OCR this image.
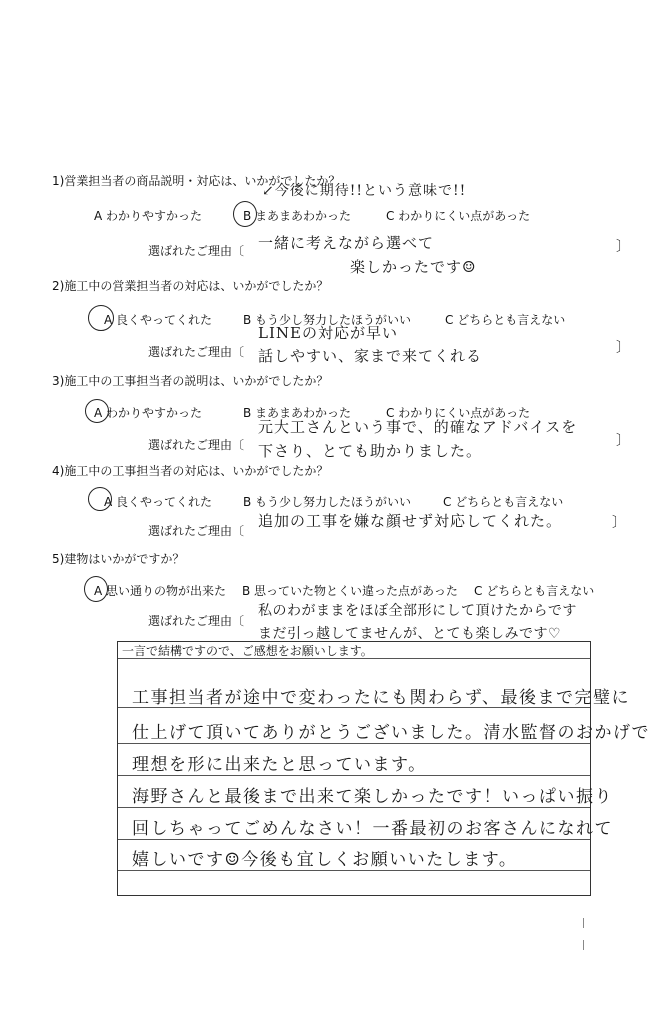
1)営業担当者の商品説明・対応は、いかがでしたか？
↙今後に期待!!という意味で!!
A わかりやすかった	B まあまあわかった	C わかりにくい点があった
選ばれたご理由〔 一緒に考えながら選べて
楽しかったです☺
〕
2)施工中の営業担当者の対応は、いかがでしたか？
A 良くやってくれた	B もう少し努力したほうがいい	C どちらとも言えない
選ばれたご理由〔
LINEの対応が早い
話しやすい、家まで来てくれる	〕
3)施工中の工事担当者の説明は、いかがでしたか？
A わかりやすかった	B まあまあわかった	C わかりにくい点があった
選ばれたご理由〔
元大工さんという事で、的確なアドバイスを
下さり、とても助かりました。
〕
4)施工中の工事担当者の対応は、いかがでしたか？
A 良くやってくれた	B もう少し努力したほうがいい	C どちらとも言えない
選ばれたご理由〔
追加の工事を嫌な顔せず対応してくれた。	〕
5)建物はいかがですか？
A 思い通りの物が出来た B 思っていた物とくい違った点があった C どちらとも言えない
選ばれたご理由〔
私のわがままをほぼ全部形にして頂けたからです
まだ引っ越してませんが、とても楽しみです♡
一言で結構ですので、ご感想をお願いします。
工事担当者が途中で変わったにも関わらず、最後まで完璧に
仕上げて頂いてありがとうございました。清水監督のおかげで
理想を形に出来たと思っています。
海野さんと最後まで出来て楽しかったです！いっぱい振り
回しちゃってごめんなさい！一番最初のお客さんになれて
嬉しいです☺今後も宜しくお願いいたします。
